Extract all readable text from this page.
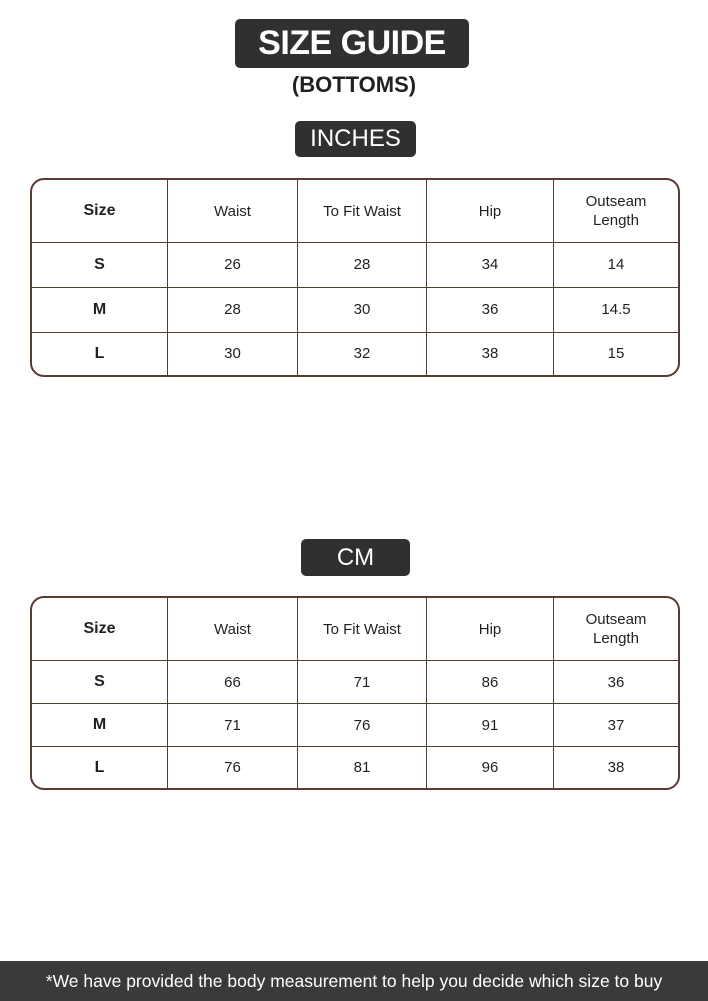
SIZE GUIDE
(BOTTOMS)
INCHES
Size	Waist	To Fit Waist	Hip	Outseam Length
S	26	28	34	14
M	28	30	36	14.5
L	30	32	38	15
CM
Size	Waist	To Fit Waist	Hip	Outseam Length
S	66	71	86	36
M	71	76	91	37
L	76	81	96	38
*We have provided the body measurement to help you decide which size to buy
